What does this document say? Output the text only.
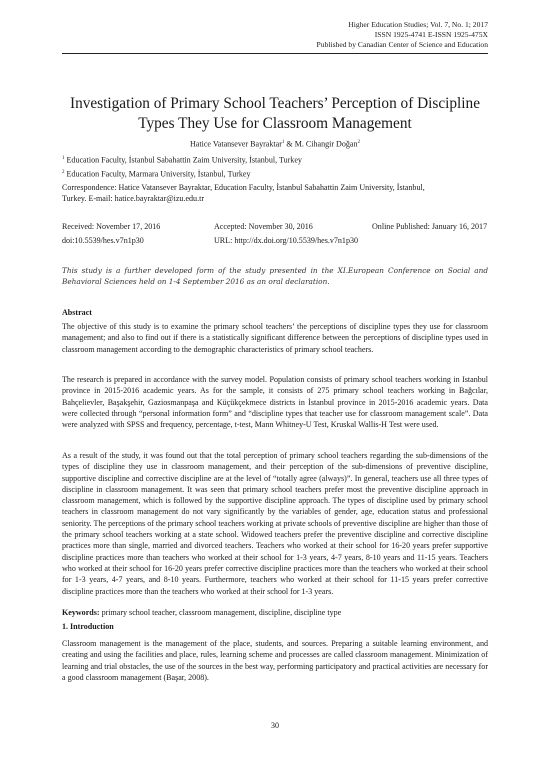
Higher Education Studies; Vol. 7, No. 1; 2017
ISSN 1925-4741 E-ISSN 1925-475X
Published by Canadian Center of Science and Education
Investigation of Primary School Teachers’ Perception of Discipline Types They Use for Classroom Management
Hatice Vatansever Bayraktar$^1$ & M. Cihangir Doğan$^2$
$^1$ Education Faculty, İstanbul Sabahattin Zaim University, İstanbul, Turkey
$^2$ Education Faculty, Marmara University, İstanbul, Turkey
Correspondence: Hatice Vatansever Bayraktar, Education Faculty, İstanbul Sabahattin Zaim University, İstanbul,
Turkey. E-mail: hatice.bayraktar@izu.edu.tr
Received: November 17, 2016	Accepted: November 30, 2016	Online Published: January 16, 2017
doi:10.5539/hes.v7n1p30	URL: http://dx.doi.org/10.5539/hes.v7n1p30
This study is a further developed form of the study presented in the XI.European Conference on Social and Behavioral Sciences held on 1-4 September 2016 as an oral declaration.
Abstract
The objective of this study is to examine the primary school teachers’ the perceptions of discipline types they use for classroom management; and also to find out if there is a statistically significant difference between the perceptions of discipline types used in classroom management according to the demographic characteristics of primary school teachers.
The research is prepared in accordance with the survey model. Population consists of primary school teachers working in Istanbul province in 2015-2016 academic years. As for the sample, it consists of 275 primary school teachers working in Bağcılar, Bahçelievler, Başakşehir, Gaziosmanpaşa and Küçükçekmece districts in İstanbul province in 2015-2016 academic years. Data were collected through “personal information form” and “discipline types that teacher use for classroom management scale”. Data were analyzed with SPSS and frequency, percentage, t-test, Mann Whitney-U Test, Kruskal Wallis-H Test were used.
As a result of the study, it was found out that the total perception of primary school teachers regarding the sub-dimensions of the types of discipline they use in classroom management, and their perception of the sub-dimensions of preventive discipline, supportive discipline and corrective discipline are at the level of “totally agree (always)”. In general, teachers use all three types of discipline in classroom management. It was seen that primary school teachers prefer most the preventive discipline approach in classroom management, which is followed by the supportive discipline approach. The types of discipline used by primary school teachers in classroom management do not vary significantly by the variables of gender, age, education status and professional seniority. The perceptions of the primary school teachers working at private schools of preventive discipline are higher than those of the primary school teachers working at a state school. Widowed teachers prefer the preventive discipline and corrective discipline practices more than single, married and divorced teachers. Teachers who worked at their school for 16-20 years prefer supportive discipline practices more than teachers who worked at their school for 1-3 years, 4-7 years, 8-10 years and 11-15 years. Teachers who worked at their school for 16-20 years prefer corrective discipline practices more than the teachers who worked at their school for 1-3 years, 4-7 years, and 8-10 years. Furthermore, teachers who worked at their school for 11-15 years prefer corrective discipline practices more than the teachers who worked at their school for 1-3 years.
Keywords: primary school teacher, classroom management, discipline, discipline type
1. Introduction
Classroom management is the management of the place, students, and sources. Preparing a suitable learning environment, and creating and using the facilities and place, rules, learning scheme and processes are called classroom management. Minimization of learning and trial obstacles, the use of the sources in the best way, performing participatory and practical activities are necessary for a good classroom management (Başar, 2008).
30
